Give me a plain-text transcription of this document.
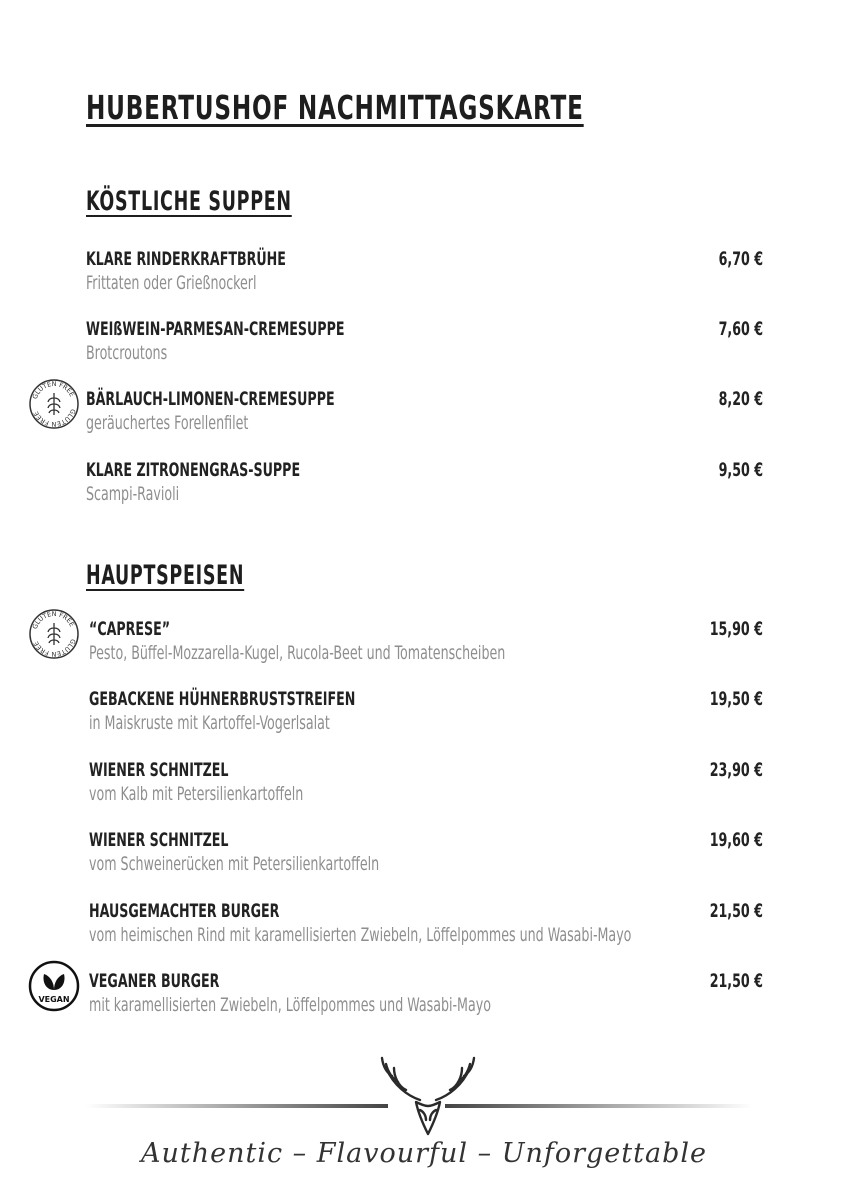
HUBERTUSHOF NACHMITTAGSKARTE
KÖSTLICHE SUPPEN
KLARE RINDERKRAFTBRÜHE
Frittaten oder Grießnockerl
6,70 €
WEIßWEIN-PARMESAN-CREMESUPPE
Brotcroutons
7,60 €
GLUTEN FREE
GLUTEN FREE
BÄRLAUCH-LIMONEN-CREMESUPPE
geräuchertes Forellenfilet
8,20 €
KLARE ZITRONENGRAS-SUPPE
Scampi-Ravioli
9,50 €
HAUPTSPEISEN
GLUTEN FREE
GLUTEN FREE
“CAPRESE”
Pesto, Büffel-Mozzarella-Kugel, Rucola-Beet und Tomatenscheiben
15,90 €
GEBACKENE HÜHNERBRUSTSTREIFEN
in Maiskruste mit Kartoffel-Vogerlsalat
19,50 €
WIENER SCHNITZEL
vom Kalb mit Petersilienkartoffeln
23,90 €
WIENER SCHNITZEL
vom Schweinerücken mit Petersilienkartoffeln
19,60 €
HAUSGEMACHTER BURGER
vom heimischen Rind mit karamellisierten Zwiebeln, Löffelpommes und Wasabi-Mayo
21,50 €
VEGAN
VEGANER BURGER
mit karamellisierten Zwiebeln, Löffelpommes und Wasabi-Mayo
21,50 €
Authentic – Flavourful – Unforgettable
